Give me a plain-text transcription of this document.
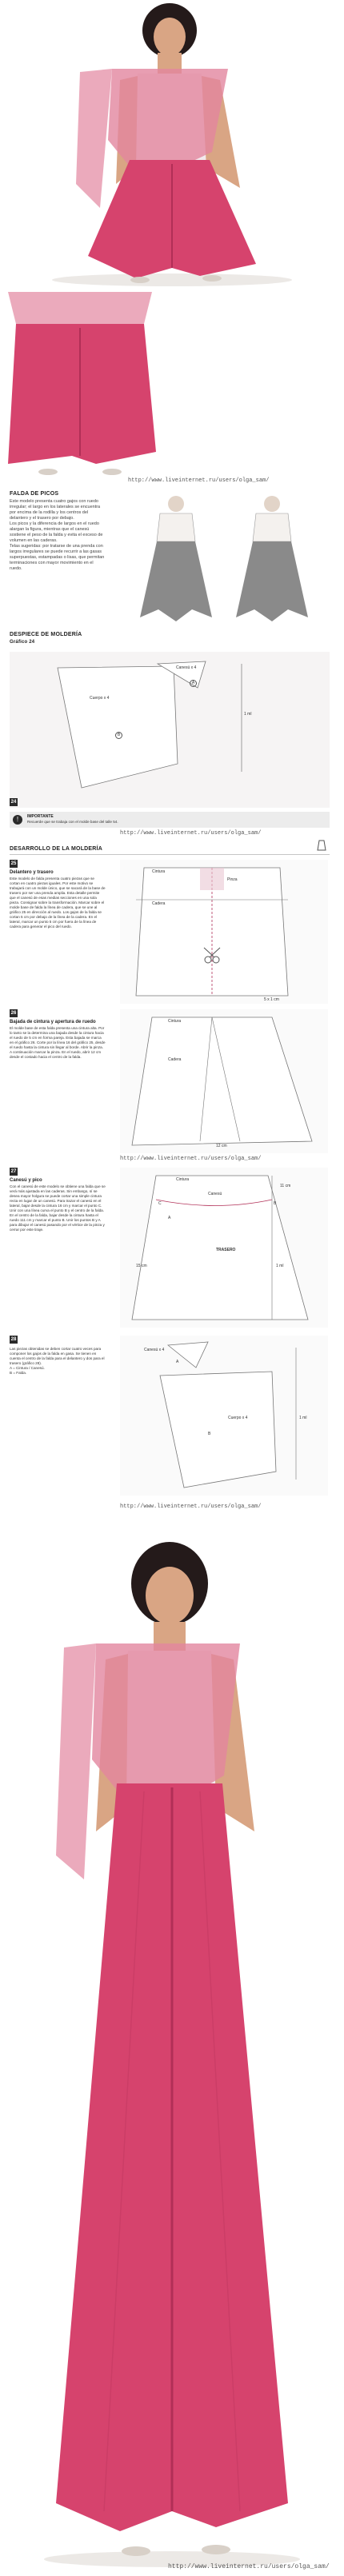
http://www.liveinternet.ru/users/olga_sam/
FALDA DE PICOS
Este modelo presenta cuatro gajos con ruedo irregular; el largo en los laterales se encuentra por encima de la rodilla y los centros del delantero y el trasero por debajo.
Los picos y la diferencia de largos en el ruedo alargan la figura, mientras que el canesú sostiene el peso de la falda y evita el exceso de volumen en las caderas.
Telas sugeridas: por tratarse de una prenda con largos irregulares se puede recurrir a las gasas superpuestas, estampadas o lisas, que permitan terminaciones con mayor movimiento en el ruedo.
DESPIECE DE MOLDERÍA
Gráfico 24
Canesú x 4
A
Cuerpo x 4
B
1 ml
24
!	IMPORTANTE
Recuerde que se trabaja con el molde base del talle 54.
http://www.liveinternet.ru/users/olga_sam/
DESARROLLO DE LA MOLDERÍA
25
Delantero y trasero
Este modelo de falda presenta cuatro piezas que se cortan en cuatro piezas iguales. Por este motivo se trabajará con un molde único, que se sacará de la base de trasero por ser una prenda amplia. Esta detalle permite que el canesú de esas medias secciones en una sola pieza. Consignar sobre la transformación. Marcar sobre el molde base de falda la línea de cadera, que se une al gráfico 25 en dirección al ruedo. Los gajos de la falda se cortan 5 cm por debajo de la línea de la cadera. En el lateral, marcar un punto 5 cm por fuera de la línea de cadera para generar el pico del ruedo.
Cintura
Cadera
Pinza
5 x 1 cm
26
Bajada de cintura y apertura de ruedo
El molde base de esta falda presenta una cintura alta. Por lo tanto se la determina una bajada desde la cintura hacia el ruedo de 5 cm en forma pareja. Esta bajada se marca en el gráfico 26. Corte por la línea 16 del gráfico 25, desde el ruedo hasta la cintura sin llegar al borde. Abrir la pinza. A continuación marcar la pinza. En el ruedo, abrir 12 cm desde el costado hacia el centro de la falda.
Cintura
Cadera
12 cm
http://www.liveinternet.ru/users/olga_sam/
27
Canesú y pico
Con el canesú de este modelo se obtiene una falda que se verá más ajustada en las caderas. Sin embargo, sí se desea mayor holgura se puede cortar una simple cintura recta en lugar de un canesú. Para trazar el canesú en el lateral, bajar desde la cintura 16 cm y marcar el punto C. Unir con una línea curva el punto B y el centro de la falda. En el centro de la falda, bajar desde la cintura hasta el ruedo 111 cm y marcar el punto B. Unir los puntos B y A para dibujar el canesú pasando por el vértice de la pinza y cerrar por este tiraje.
Cintura
Canesú
TRASERO
A
C	B
1 ml
15 cm
11 cm
28
Las piezas obtenidas se deben cortar cuatro veces para componer los gajos de la falda en gasa. Se tienen en cuenta el centro de la falda para el delantero y dos para el trasero (gráfico 28).
A = Cintura / Canesú.
B = Falda.
Canesú x 4
A
Cuerpo x 4
B
1 ml
http://www.liveinternet.ru/users/olga_sam/
http://www.liveinternet.ru/users/olga_sam/
